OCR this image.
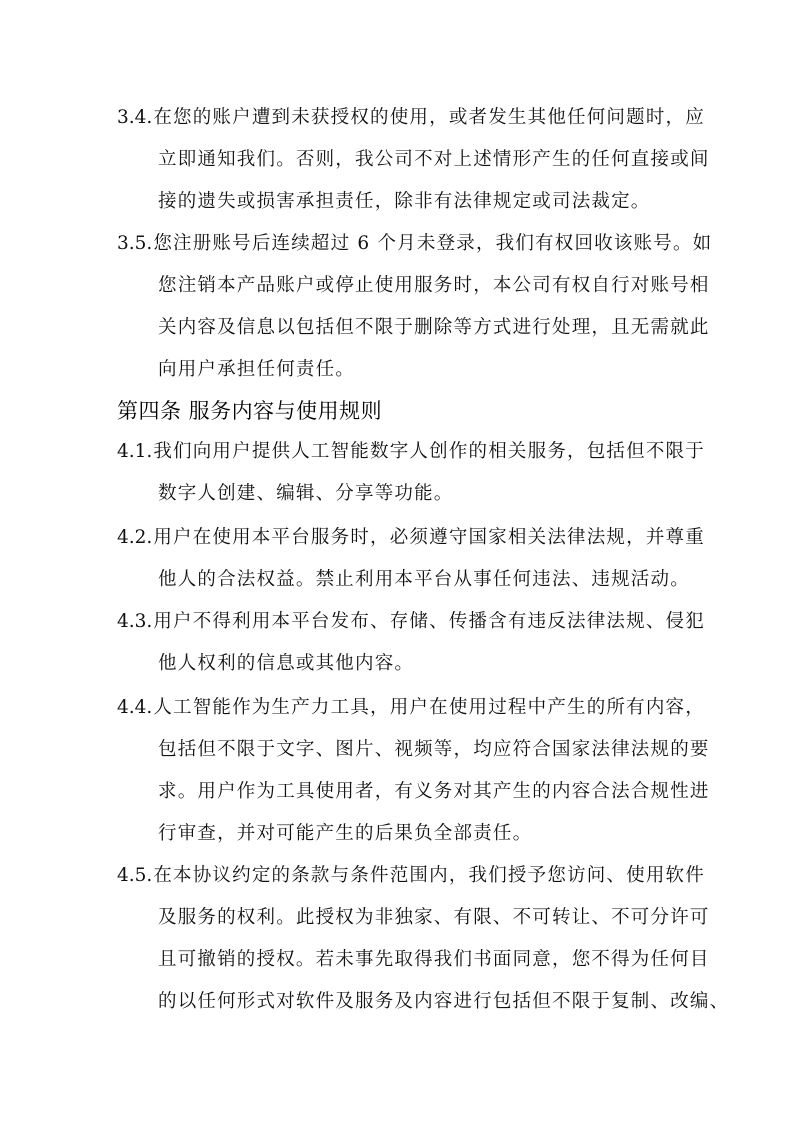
3.4.在您的账户遭到未获授权的使用，或者发生其他任何问题时，应
立即通知我们。否则，我公司不对上述情形产生的任何直接或间
接的遗失或损害承担责任，除非有法律规定或司法裁定。
3.5.您注册账号后连续超过 6 个月未登录，我们有权回收该账号。如
您注销本产品账户或停止使用服务时，本公司有权自行对账号相
关内容及信息以包括但不限于删除等方式进行处理，且无需就此
向用户承担任何责任。
第四条 服务内容与使用规则
4.1.我们向用户提供人工智能数字人创作的相关服务，包括但不限于
数字人创建、编辑、分享等功能。
4.2.用户在使用本平台服务时，必须遵守国家相关法律法规，并尊重
他人的合法权益。禁止利用本平台从事任何违法、违规活动。
4.3.用户不得利用本平台发布、存储、传播含有违反法律法规、侵犯
他人权利的信息或其他内容。
4.4.人工智能作为生产力工具，用户在使用过程中产生的所有内容，
包括但不限于文字、图片、视频等，均应符合国家法律法规的要
求。用户作为工具使用者，有义务对其产生的内容合法合规性进
行审查，并对可能产生的后果负全部责任。
4.5.在本协议约定的条款与条件范围内，我们授予您访问、使用软件
及服务的权利。此授权为非独家、有限、不可转让、不可分许可
且可撤销的授权。若未事先取得我们书面同意，您不得为任何目
的以任何形式对软件及服务及内容进行包括但不限于复制、改编、
